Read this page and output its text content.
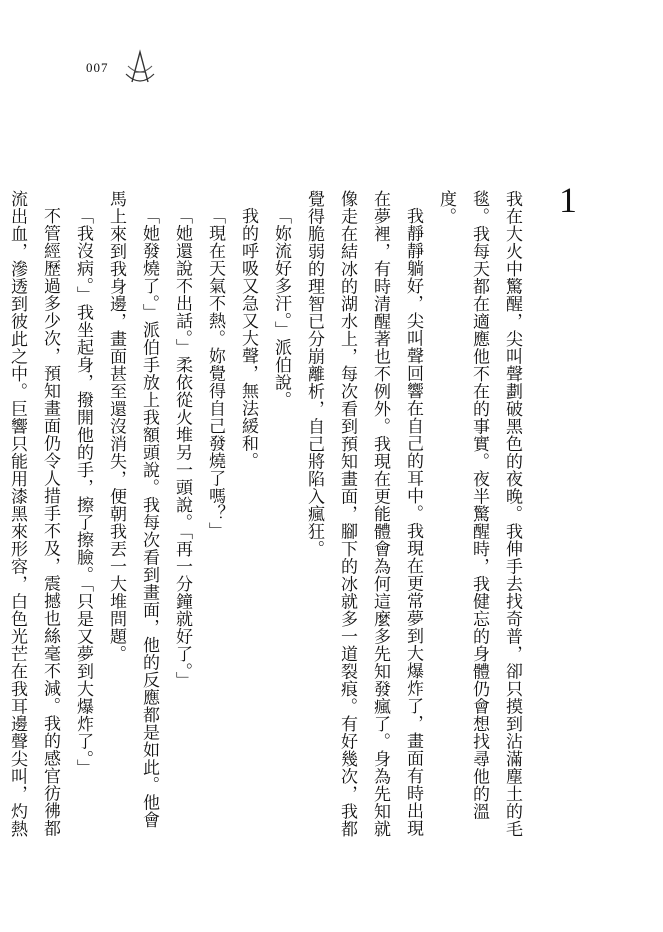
007
1

我在大火中驚醒，尖叫聲劃破黑色的夜晚。我伸手去找奇普，卻只摸到沾滿塵土的毛毯。我每天都在適應他不在的事實。夜半驚醒時，我健忘的身體仍會想找尋他的溫度。

我靜靜躺好，尖叫聲回響在自己的耳中。我現在更常夢到大爆炸了，畫面有時出現在夢裡，有時清醒著也不例外。我現在更能體會為何這麼多先知發瘋了。身為先知就像走在結冰的湖水上，每次看到預知畫面，腳下的冰就多一道裂痕。有好幾次，我都覺得脆弱的理智已分崩離析，自己將陷入瘋狂。

「妳流好多汗。」派伯說。

我的呼吸又急又大聲，無法緩和。

「現在天氣不熱。妳覺得自己發燒了嗎？」

「她還說不出話。」柔依從火堆另一頭說。「再一分鐘就好了。」

「她發燒了。」派伯手放上我額頭說。我每次看到畫面，他的反應都是如此。他會馬上來到我身邊，畫面甚至還沒消失，便朝我丟一大堆問題。

「我沒病。」我坐起身，撥開他的手，擦了擦臉。「只是又夢到大爆炸了。」

不管經歷過多少次，預知畫面仍令人措手不及，震撼也絲毫不減。我的感官彷彿都流出血，滲透到彼此之中。巨響只能用漆黑來形容，白色光芒在我耳邊聲尖叫，灼熱
